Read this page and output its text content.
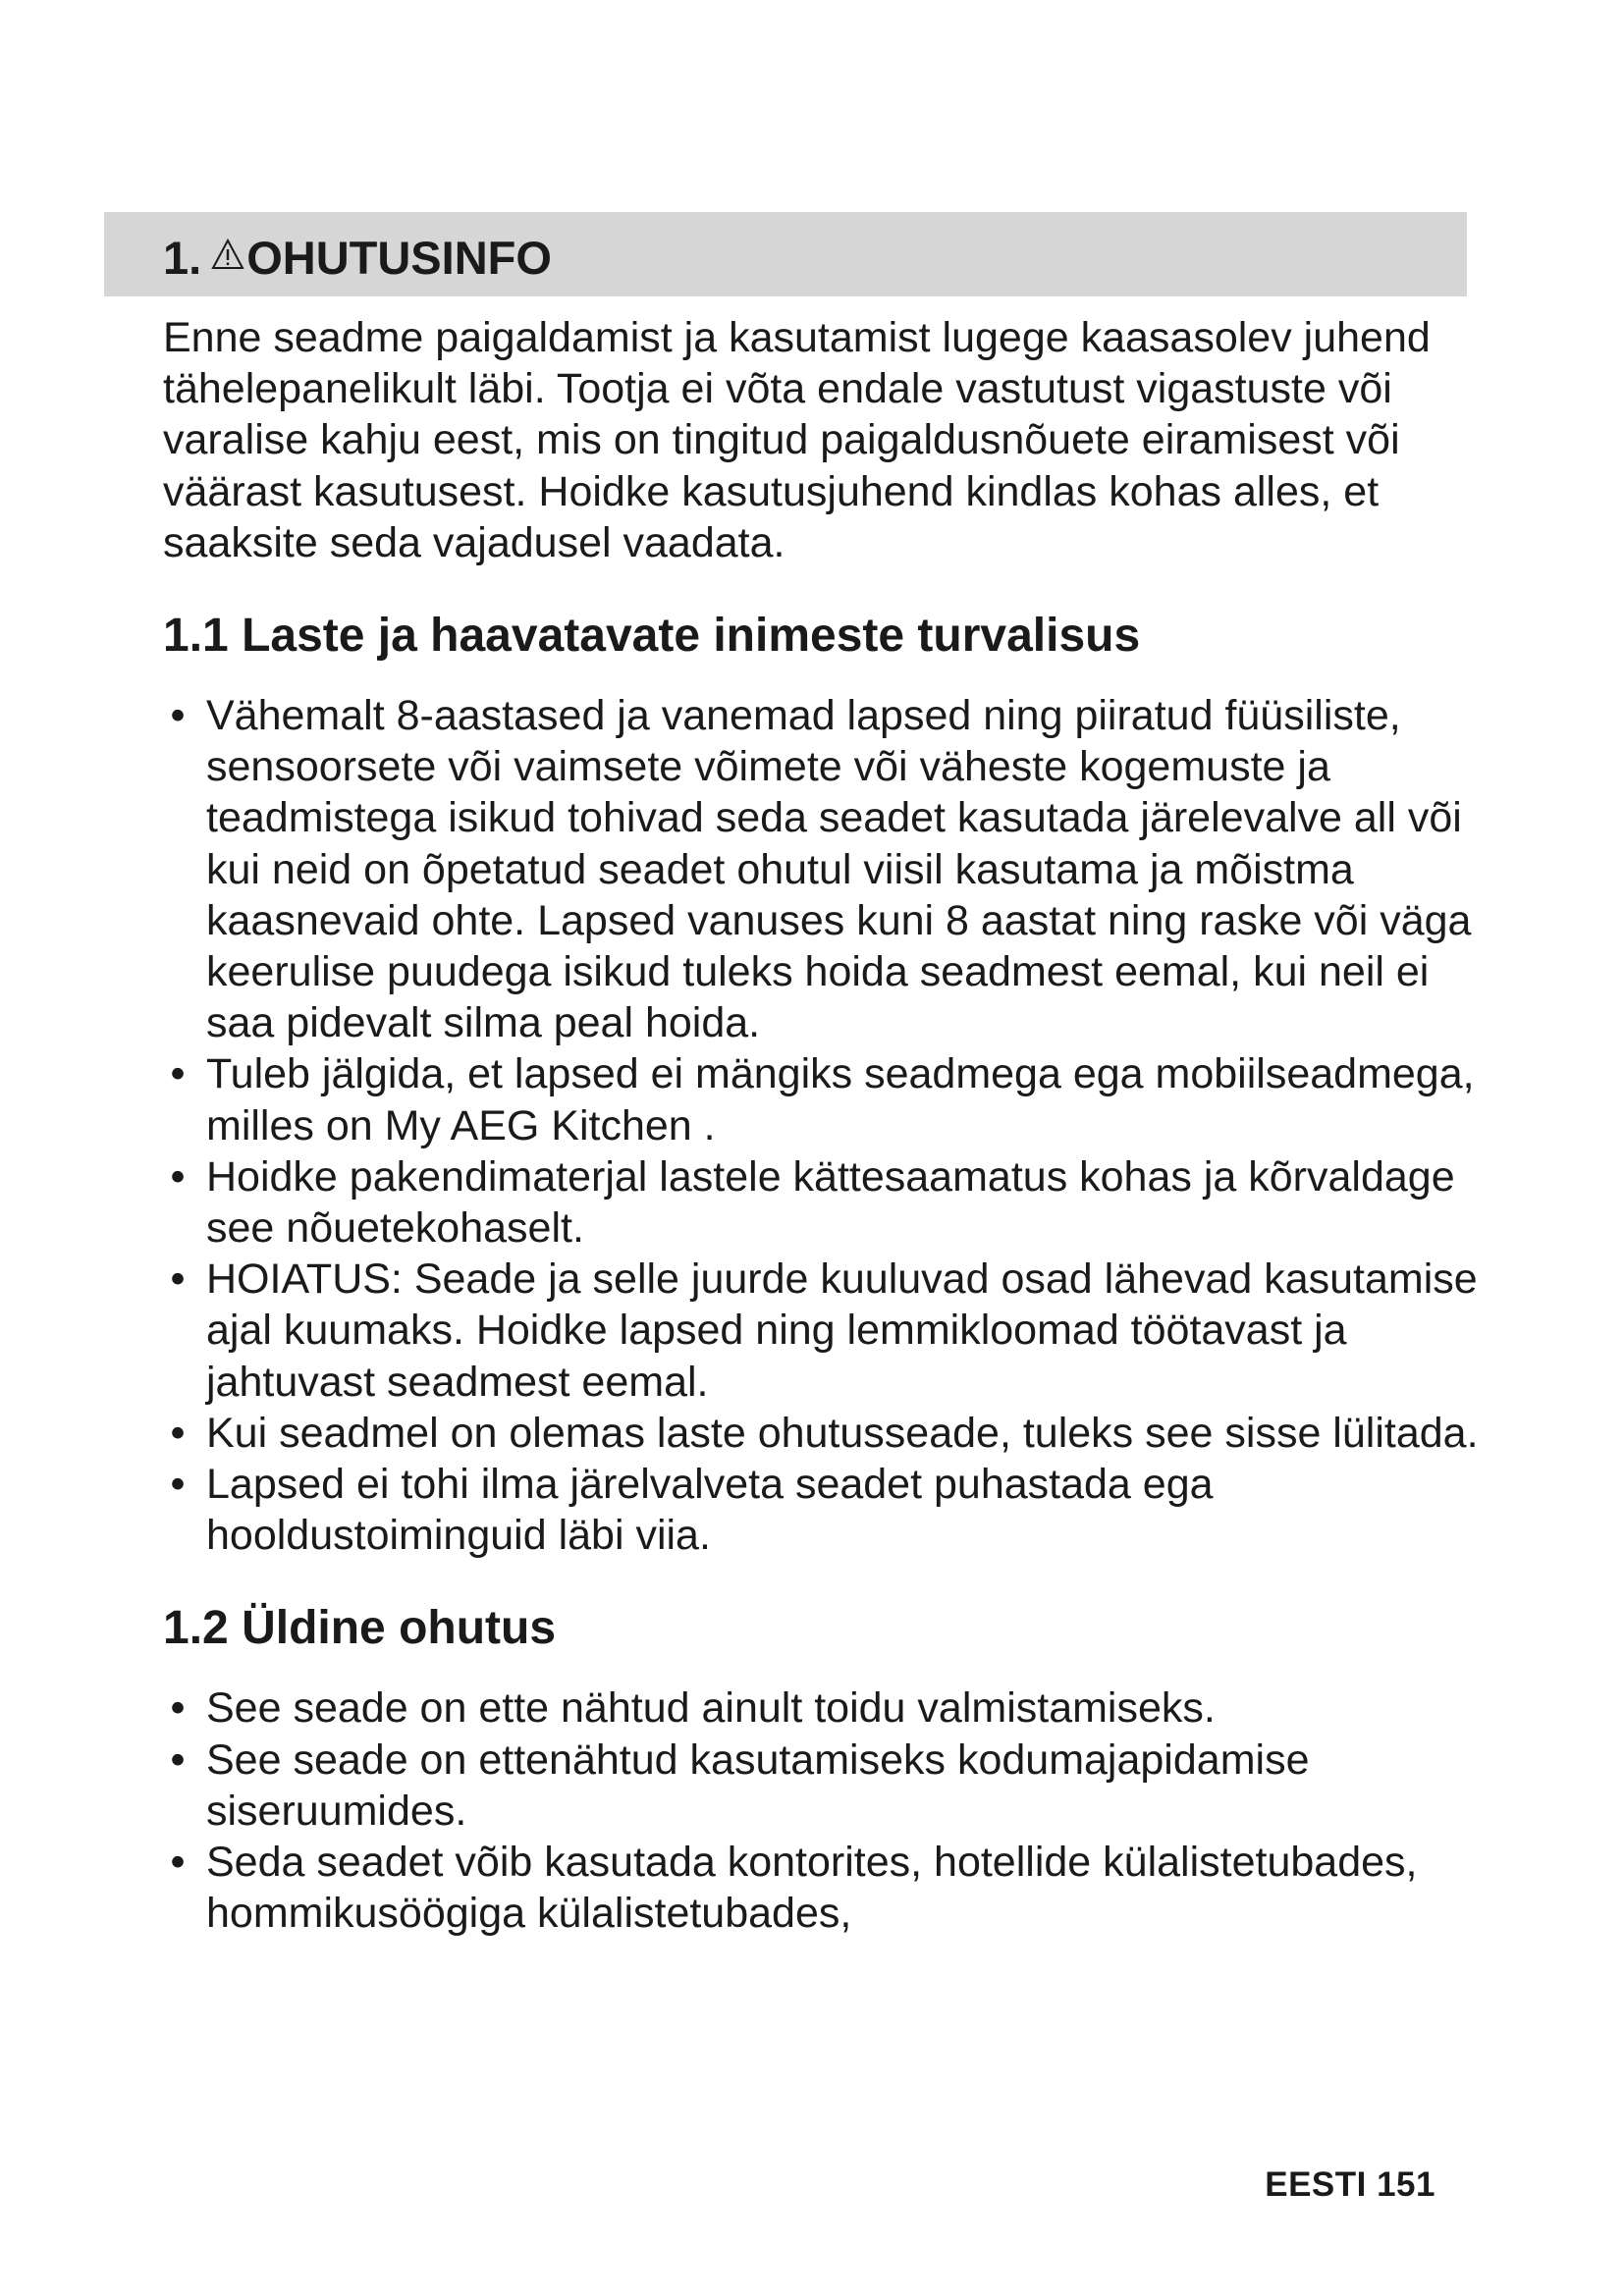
1. OHUTUSINFO

Enne seadme paigaldamist ja kasutamist lugege kaasasolev juhend tähelepanelikult läbi. Tootja ei võta endale vastutust vigastuste või varalise kahju eest, mis on tingitud paigaldusnõuete eiramisest või väärast kasutusest. Hoidke kasutusjuhend kindlas kohas alles, et saaksite seda vajadusel vaadata.

1.1 Laste ja haavatavate inimeste turvalisus
• Vähemalt 8-aastased ja vanemad lapsed ning piiratud füüsiliste, sensoorsete või vaimsete võimete või väheste kogemuste ja teadmistega isikud tohivad seda seadet kasutada järelevalve all või kui neid on õpetatud seadet ohutul viisil kasutama ja mõistma kaasnevaid ohte. Lapsed vanuses kuni 8 aastat ning raske või väga keerulise puudega isikud tuleks hoida seadmest eemal, kui neil ei saa pidevalt silma peal hoida.
• Tuleb jälgida, et lapsed ei mängiks seadmega ega mobiilseadmega, milles on My AEG Kitchen .
• Hoidke pakendimaterjal lastele kättesaamatus kohas ja kõrvaldage see nõuetekohaselt.
• HOIATUS: Seade ja selle juurde kuuluvad osad lähevad kasutamise ajal kuumaks. Hoidke lapsed ning lemmikloomad töötavast ja jahtuvast seadmest eemal.
• Kui seadmel on olemas laste ohutusseade, tuleks see sisse lülitada.
• Lapsed ei tohi ilma järelvalveta seadet puhastada ega hooldustoiminguid läbi viia.
1.2 Üldine ohutus
• See seade on ette nähtud ainult toidu valmistamiseks.
• See seade on ettenähtud kasutamiseks kodumajapidamise siseruumides.
• Seda seadet võib kasutada kontorites, hotellide külalistetubades, hommikusöögiga külalistetubades,
EESTI 151
